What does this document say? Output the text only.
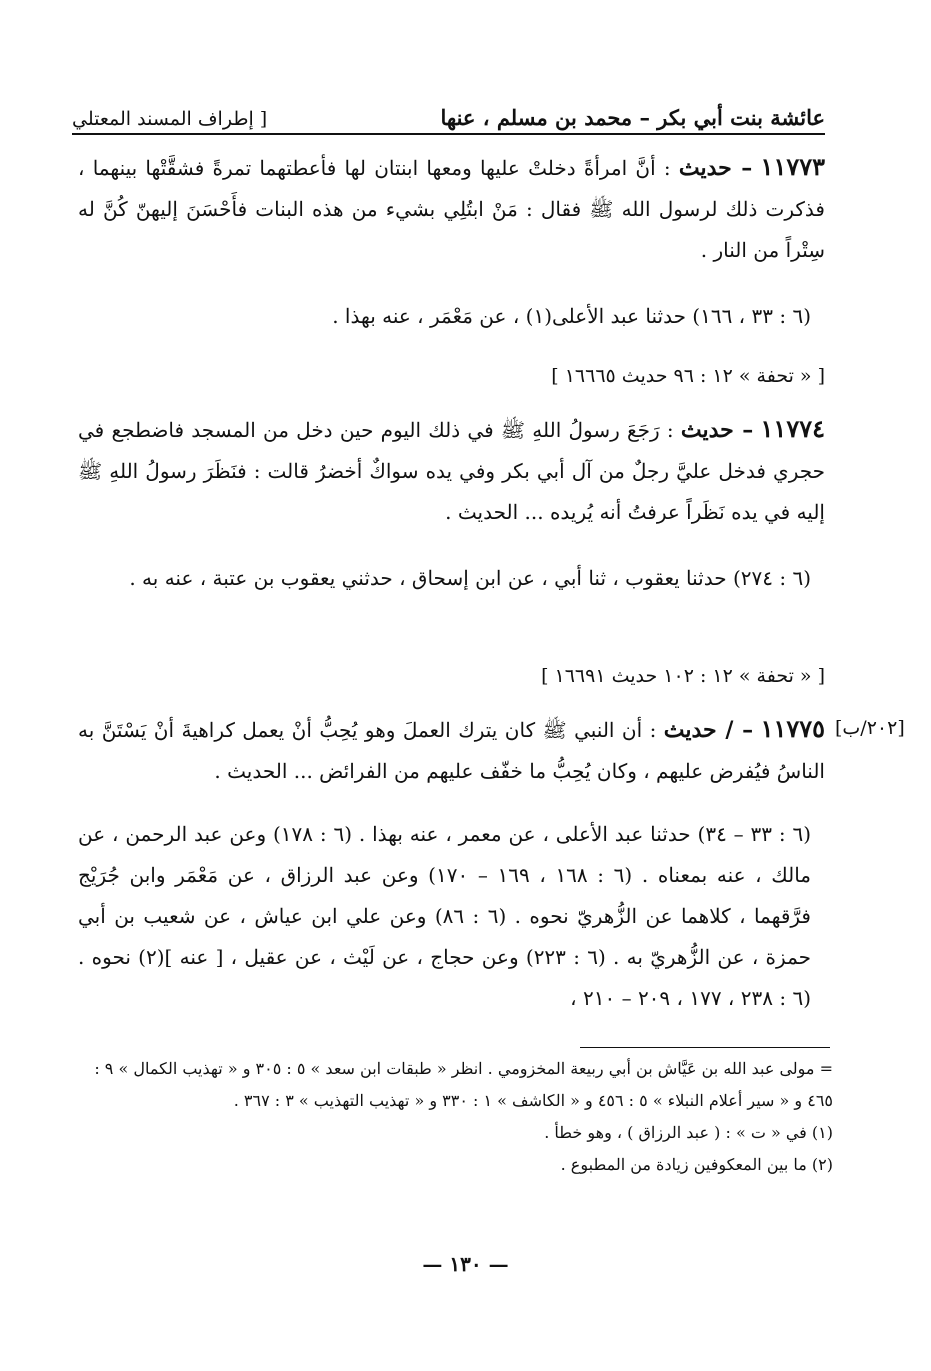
عائشة بنت أبي بكر – محمد بن مسلم ، عنها
[ إطراف المسند المعتلي
١١٧٧٣ – حديث : أنَّ امرأةً دخلتْ عليها ومعها ابنتان لها فأعطتهما تمرةً فشقَّتْها بينهما ، فذكرت ذلك لرسول الله ﷺ فقال : مَنْ ابتُلِي بشيء من هذه البنات فأَحْسَنَ إليهنّ كُنَّ له سِتْراً من النار .
(٦ : ٣٣ ، ١٦٦) حدثنا عبد الأعلى(١) ، عن مَعْمَر ، عنه بهذا .
[ « تحفة » ١٢ : ٩٦ حديث ١٦٦٦٥ ]
١١٧٧٤ – حديث : رَجَعَ رسولُ اللهِ ﷺ في ذلك اليوم حين دخل من المسجد فاضطجع في حجري فدخل عليَّ رجلٌ من آل أبي بكر وفي يده سواكٌ أخضرُ قالت : فنَظَرَ رسولُ اللهِ ﷺ إليه في يده نَظَراً عرفتُ أنه يُريده ... الحديث .
(٦ : ٢٧٤) حدثنا يعقوب ، ثنا أبي ، عن ابن إسحاق ، حدثني يعقوب بن عتبة ، عنه به .
[ « تحفة » ١٢ : ١٠٢ حديث ١٦٦٩١ ]
[٢٠٢/ب]
١١٧٧٥ – / حديث : أن النبي ﷺ كان يترك العملَ وهو يُحِبُّ أنْ يعمل كراهيةَ أنْ يَسْتَنَّ به الناسُ فيُفرض عليهم ، وكان يُحِبُّ ما خفّف عليهم من الفرائض ... الحديث .
(٦ : ٣٣ – ٣٤) حدثنا عبد الأعلى ، عن معمر ، عنه بهذا . (٦ : ١٧٨) وعن عبد الرحمن ، عن مالك ، عنه بمعناه . (٦ : ١٦٨ ، ١٦٩ – ١٧٠) وعن عبد الرزاق ، عن مَعْمَر وابن جُرَيْج فرَّقهما ، كلاهما عن الزُّهريّ نحوه . (٦ : ٨٦) وعن علي ابن عياش ، عن شعيب بن أبي حمزة ، عن الزُّهريّ به . (٦ : ٢٢٣) وعن حجاج ، عن لَيْث ، عن عقيل ، [ عنه ](٢) نحوه . (٦ : ٢٣٨ ، ١٧٧ ، ٢٠٩ – ٢١٠ ،

= مولى عبد الله بن عَيَّاش بن أبي ربيعة المخزومي . انظر « طبقات ابن سعد » ٥ : ٣٠٥ و « تهذيب الكمال » ٩ : ٤٦٥ و « سير أعلام النبلاء » ٥ : ٤٥٦ و « الكاشف » ١ : ٣٣٠ و « تهذيب التهذيب » ٣ : ٣٦٧ .

(١) في « ت » : ( عبد الرزاق ) ، وهو خطأ .

(٢) ما بين المعكوفين زيادة من المطبوع .

— ١٣٠ —
